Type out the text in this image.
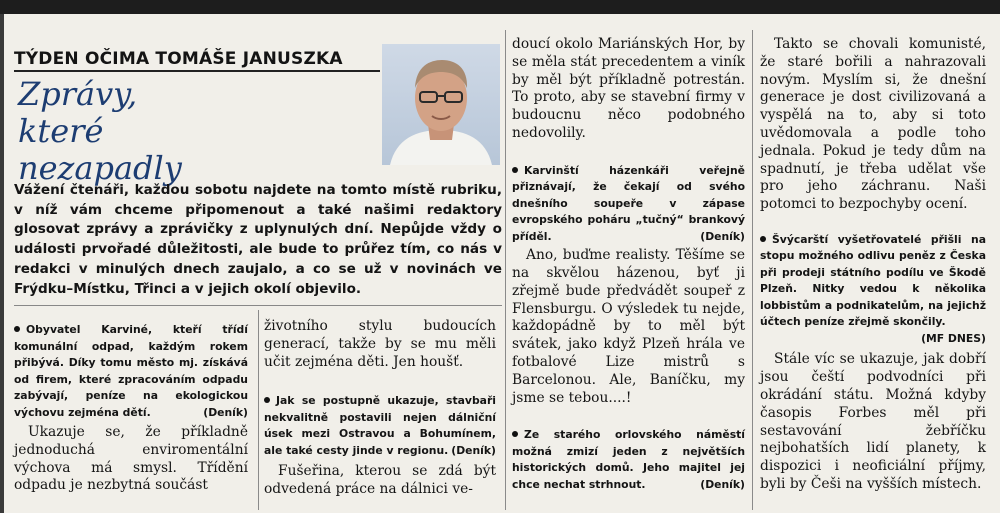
TÝDEN OČIMA TOMÁŠE JANUSZKA
Zprávy,
které nezapadly
Vážení čtenáři, každou sobotu najdete na tomto místě rubriku, v níž vám chceme připomenout a také našimi redaktory glosovat zprávy a zprávičky z uplynulých dní. Nepůjde vždy o události prvořadé důležitosti, ale bude to průřez tím, co nás v redakci v minulých dnech zaujalo, a co se už v novinách ve Frýdku–Místku, Třinci a v jejich okolí objevilo.
Obyvatel Karviné, kteří třídí komunální odpad, každým rokem přibývá. Díky tomu město mj. získává od firem, které zpracováním odpadu zabývají, peníze na ekologickou výchovu zejména dětí.	(Deník)
Ukazuje se, že příkladně jednoduchá enviromentální výchova má smysl. Třídění odpadu je nezbytná součást
životního stylu budoucích generací, takže by se mu měli učit zejména děti. Jen houšť.
Jak se postupně ukazuje, stavbaři nekvalitně postavili nejen dálniční úsek mezi Ostravou a Bohumínem, ale také cesty jinde v regionu. (Deník)
Fušeřina, kterou se zdá být odvedená práce na dálnici ve-
doucí okolo Mariánských Hor, by se měla stát precedentem a viník by měl být příkladně potrestán. To proto, aby se stavební firmy v budoucnu něco podobného nedovolily.
Karvinští házenkáři veřejně přiznávají, že čekají od svého dnešního soupeře v zápase evropského poháru „tučný“ brankový příděl.	(Deník)
Ano, buďme realisty. Těšíme se na skvělou házenou, byť ji zřejmě bude předvádět soupeř z Flensburgu. O výsledek tu nejde, každopádně by to měl být svátek, jako když Plzeň hrála ve fotbalové Lize mistrů s Barcelonou. Ale, Baníčku, my jsme se tebou....!
Ze starého orlovského náměstí možná zmizí jeden z největších historických domů. Jeho majitel jej chce nechat strhnout.	(Deník)
Takto se chovali komunisté, že staré bořili a nahrazovali novým. Myslím si, že dnešní generace je dost civilizovaná a vyspělá na to, aby si toto uvědomovala a podle toho jednala. Pokud je tedy dům na spadnutí, je třeba udělat vše pro jeho záchranu. Naši potomci to bezpochyby ocení.
Švýcarští vyšetřovatelé přišli na stopu možného odlivu peněz z Česka při prodeji státního podílu ve Škodě Plzeň. Nitky vedou k několika lobbistům a podnikatelům, na jejichž účtech peníze zřejmě skončily.
(MF DNES)
Stále víc se ukazuje, jak dobří jsou čeští podvodníci při okrádání státu. Možná kdyby časopis Forbes měl při sestavování žebříčku nejbohatších lidí planety, k dispozici i neoficiální příjmy, byli by Češi na vyšších místech.
